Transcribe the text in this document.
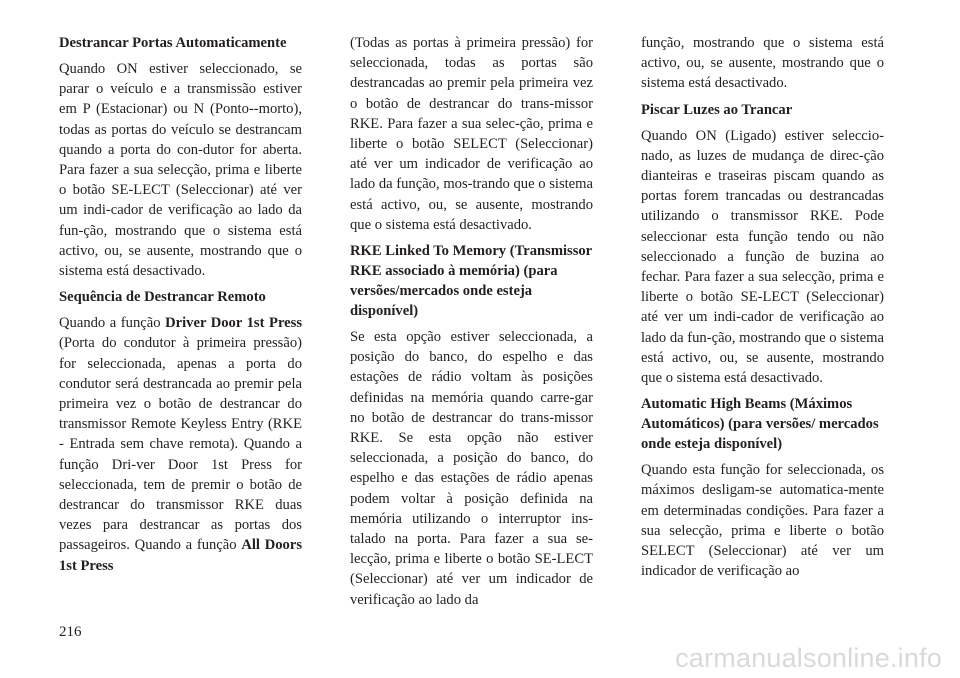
Destrancar Portas Automaticamente

Quando ON estiver seleccionado, se parar o veículo e a transmissão estiver em P (Estacionar) ou N (Ponto--morto), todas as portas do veículo se destrancam quando a porta do con-dutor for aberta. Para fazer a sua selecção, prima e liberte o botão SE-LECT (Seleccionar) até ver um indi-cador de verificação ao lado da fun-ção, mostrando que o sistema está activo, ou, se ausente, mostrando que o sistema está desactivado.

Sequência de Destrancar Remoto

Quando a função Driver Door 1st Press (Porta do condutor à primeira pressão) for seleccionada, apenas a porta do condutor será destrancada ao premir pela primeira vez o botão de destrancar do transmissor Remote Keyless Entry (RKE - Entrada sem chave remota). Quando a função Dri-ver Door 1st Press for seleccionada, tem de premir o botão de destrancar do transmissor RKE duas vezes para destrancar as portas dos passageiros. Quando a função All Doors 1st Press

(Todas as portas à primeira pressão) for seleccionada, todas as portas são destrancadas ao premir pela primeira vez o botão de destrancar do trans-missor RKE. Para fazer a sua selec-ção, prima e liberte o botão SELECT (Seleccionar) até ver um indicador de verificação ao lado da função, mos-trando que o sistema está activo, ou, se ausente, mostrando que o sistema está desactivado.

RKE Linked To Memory (Transmissor RKE associado à memória) (para versões/mercados onde esteja disponível)

Se esta opção estiver seleccionada, a posição do banco, do espelho e das estações de rádio voltam às posições definidas na memória quando carre-gar no botão de destrancar do trans-missor RKE. Se esta opção não estiver seleccionada, a posição do banco, do espelho e das estações de rádio apenas podem voltar à posição definida na memória utilizando o interruptor ins-talado na porta. Para fazer a sua se-lecção, prima e liberte o botão SE-LECT (Seleccionar) até ver um indicador de verificação ao lado da

função, mostrando que o sistema está activo, ou, se ausente, mostrando que o sistema está desactivado.

Piscar Luzes ao Trancar

Quando ON (Ligado) estiver seleccio-nado, as luzes de mudança de direc-ção dianteiras e traseiras piscam quando as portas forem trancadas ou destrancadas utilizando o transmissor RKE. Pode seleccionar esta função tendo ou não seleccionado a função de buzina ao fechar. Para fazer a sua selecção, prima e liberte o botão SE-LECT (Seleccionar) até ver um indi-cador de verificação ao lado da fun-ção, mostrando que o sistema está activo, ou, se ausente, mostrando que o sistema está desactivado.

Automatic High Beams (Máximos Automáticos) (para versões/ mercados onde esteja disponível)

Quando esta função for seleccionada, os máximos desligam-se automatica-mente em determinadas condições. Para fazer a sua selecção, prima e liberte o botão SELECT (Seleccionar) até ver um indicador de verificação ao

216
carmanualsonline.info
